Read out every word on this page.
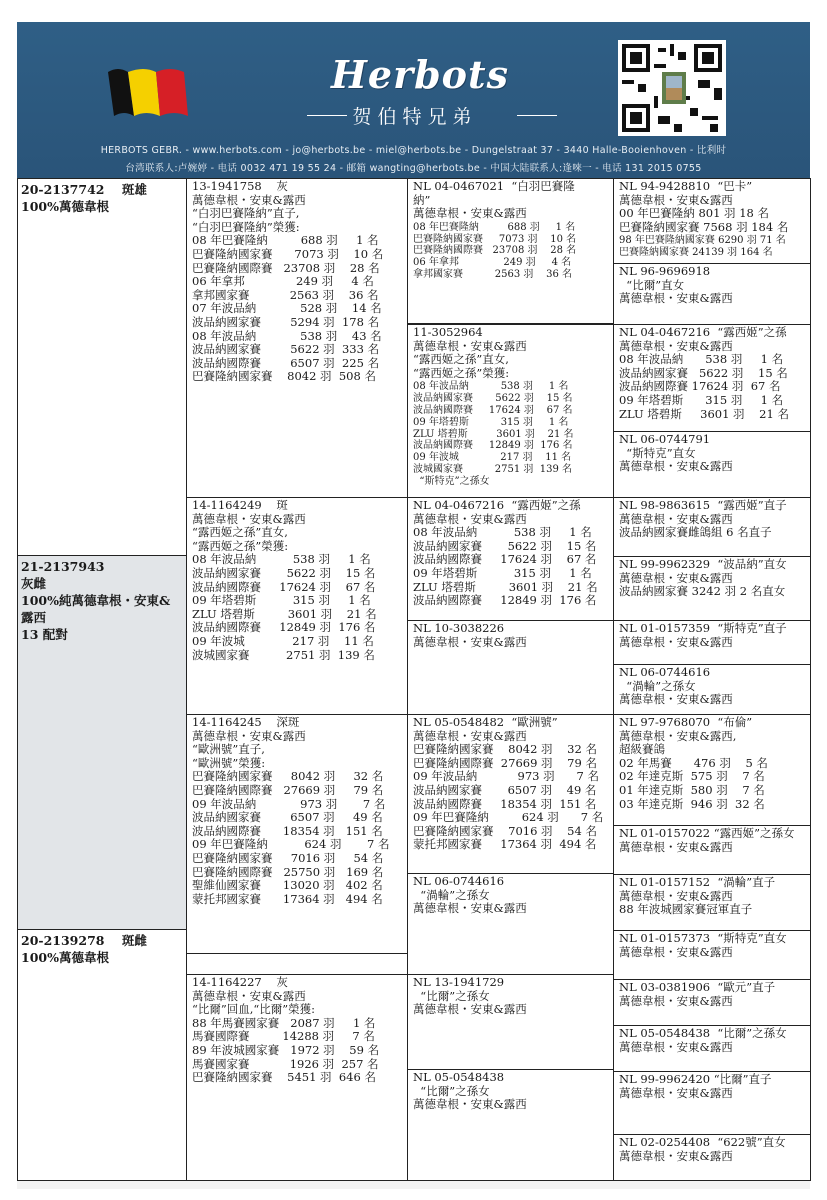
Herbots
贺伯特兄弟
HERBOTS GEBR. - www.herbots.com - jo@herbots.be - miel@herbots.be - Dungelstraat 37 - 3440 Halle-Booienhoven - 比利时
台湾联系人:卢婉婷 - 电话 0032 471 19 55 24 - 邮箱 wangting@herbots.be - 中国大陆联系人:逢唻一 - 电话 131 2015 0755
20-2137742    斑雄
100%萬德韋根
21-2137943
灰雌
100%純萬德韋根・安東&
露西
13 配對
20-2139278    斑雌
100%萬德韋根
13-1941758    灰
萬德韋根・安東&露西
“白羽巴賽隆納”直子,
“白羽巴賽隆納”榮獲:
08 年巴賽隆納         688 羽     1 名
巴賽隆納國家賽      7073 羽    10 名
巴賽隆納國際賽   23708 羽    28 名
06 年拿邦              249 羽     4 名
拿邦國家賽           2563 羽    36 名
07 年波品納            528 羽    14 名
波品納國家賽        5294 羽  178 名
08 年波品納            538 羽    43 名
波品納國家賽        5622 羽  333 名
波品納國際賽        6507 羽  225 名
巴賽隆納國家賽    8042 羽  508 名
14-1164249    斑
萬德韋根・安東&露西
“露西姬之孫”直女,
“露西姬之孫”榮獲:
08 年波品納          538 羽     1 名
波品納國家賽       5622 羽    15 名
波品納國際賽     17624 羽    67 名
09 年塔碧斯          315 羽     1 名
ZLU 塔碧斯         3601 羽    21 名
波品納國際賽     12849 羽  176 名
09 年波城             217 羽    11 名
波城國家賽          2751 羽  139 名
14-1164245    深斑
萬德韋根・安東&露西
“歐洲號”直子,
“歐洲號”榮獲:
巴賽隆納國家賽     8042 羽     32 名
巴賽隆納國際賽   27669 羽     79 名
09 年波品納            973 羽       7 名
波品納國家賽        6507 羽     49 名
波品納國際賽      18354 羽   151 名
09 年巴賽隆納          624 羽       7 名
巴賽隆納國家賽     7016 羽     54 名
巴賽隆納國際賽   25750 羽   169 名
聖維仙國家賽      13020 羽   402 名
蒙托邦國家賽      17364 羽   494 名
14-1164227    灰
萬德韋根・安東&露西
“比爾”回血,“比爾”榮獲:
88 年馬賽國家賽   2087 羽     1 名
馬賽國際賽         14288 羽     7 名
89 年波城國家賽   1972 羽    59 名
馬賽國家賽           1926 羽  257 名
巴賽隆納國家賽    5451 羽  646 名
NL 04-0467021  “白羽巴賽隆
納”
萬德韋根・安東&露西
08 年巴賽隆納         688 羽     1 名
巴賽隆納國家賽     7073 羽    10 名
巴賽隆納國際賽   23708 羽    28 名
06 年拿邦              249 羽     4 名
拿邦國家賽          2563 羽    36 名
11-3052964
萬德韋根・安東&露西
“露西姬之孫”直女,
“露西姬之孫”榮獲:
08 年波品納          538 羽     1 名
波品納國家賽       5622 羽    15 名
波品納國際賽     17624 羽    67 名
09 年塔碧斯          315 羽     1 名
ZLU 塔碧斯         3601 羽    21 名
波品納國際賽     12849 羽  176 名
09 年波城             217 羽    11 名
波城國家賽          2751 羽  139 名
“斯特克”之孫女
NL 04-0467216  “露西姬”之孫
萬德韋根・安東&露西
08 年波品納          538 羽     1 名
波品納國家賽       5622 羽    15 名
波品納國際賽     17624 羽    67 名
09 年塔碧斯          315 羽     1 名
ZLU 塔碧斯         3601 羽    21 名
波品納國際賽     12849 羽  176 名
NL 10-3038226
萬德韋根・安東&露西
NL 05-0548482  “歐洲號”
萬德韋根・安東&露西
巴賽隆納國家賽    8042 羽    32 名
巴賽隆納國際賽  27669 羽    79 名
09 年波品納           973 羽      7 名
波品納國家賽       6507 羽    49 名
波品納國際賽     18354 羽  151 名
09 年巴賽隆納         624 羽      7 名
巴賽隆納國家賽    7016 羽    54 名
蒙托邦國家賽     17364 羽  494 名
NL 06-0744616
“渦輪”之孫女
萬德韋根・安東&露西
NL 13-1941729
“比爾”之孫女
萬德韋根・安東&露西
NL 05-0548438
“比爾”之孫女
萬德韋根・安東&露西
NL 94-9428810  “巴卡”
萬德韋根・安東&露西
00 年巴賽隆納 801 羽 18 名
巴賽隆納國家賽 7568 羽 184 名
98 年巴賽隆納國家賽 6290 羽 71 名
巴賽隆納國家賽 24139 羽 164 名
NL 96-9696918
“比爾”直女
萬德韋根・安東&露西
NL 04-0467216  “露西姬”之孫
萬德韋根・安東&露西
08 年波品納      538 羽     1 名
波品納國家賽   5622 羽    15 名
波品納國際賽 17624 羽  67 名
09 年塔碧斯      315 羽     1 名
ZLU 塔碧斯     3601 羽    21 名
NL 06-0744791
“斯特克”直女
萬德韋根・安東&露西
NL 98-9863615  “露西姬”直子
萬德韋根・安東&露西
波品納國家賽雌鴿組 6 名直子
NL 99-9962329  “波品納”直女
萬德韋根・安東&露西
波品納國家賽 3242 羽 2 名直女
NL 01-0157359  “斯特克”直子
萬德韋根・安東&露西
NL 06-0744616
“渦輪”之孫女
萬德韋根・安東&露西
NL 97-9768070  “布倫”
萬德韋根・安東&露西,
超級賽鴿
02 年馬賽      476 羽    5 名
02 年達克斯  575 羽    7 名
01 年達克斯  580 羽    7 名
03 年達克斯  946 羽  32 名
NL 01-0157022 “露西姬”之孫女
萬德韋根・安東&露西
NL 01-0157152  “渦輪”直子
萬德韋根・安東&露西
88 年波城國家賽冠軍直子
NL 01-0157373  “斯特克”直女
萬德韋根・安東&露西
NL 03-0381906  “歐元”直子
萬德韋根・安東&露西
NL 05-0548438  “比爾”之孫女
萬德韋根・安東&露西
NL 99-9962420 “比爾”直子
萬德韋根・安東&露西
NL 02-0254408  “622號”直女
萬德韋根・安東&露西
